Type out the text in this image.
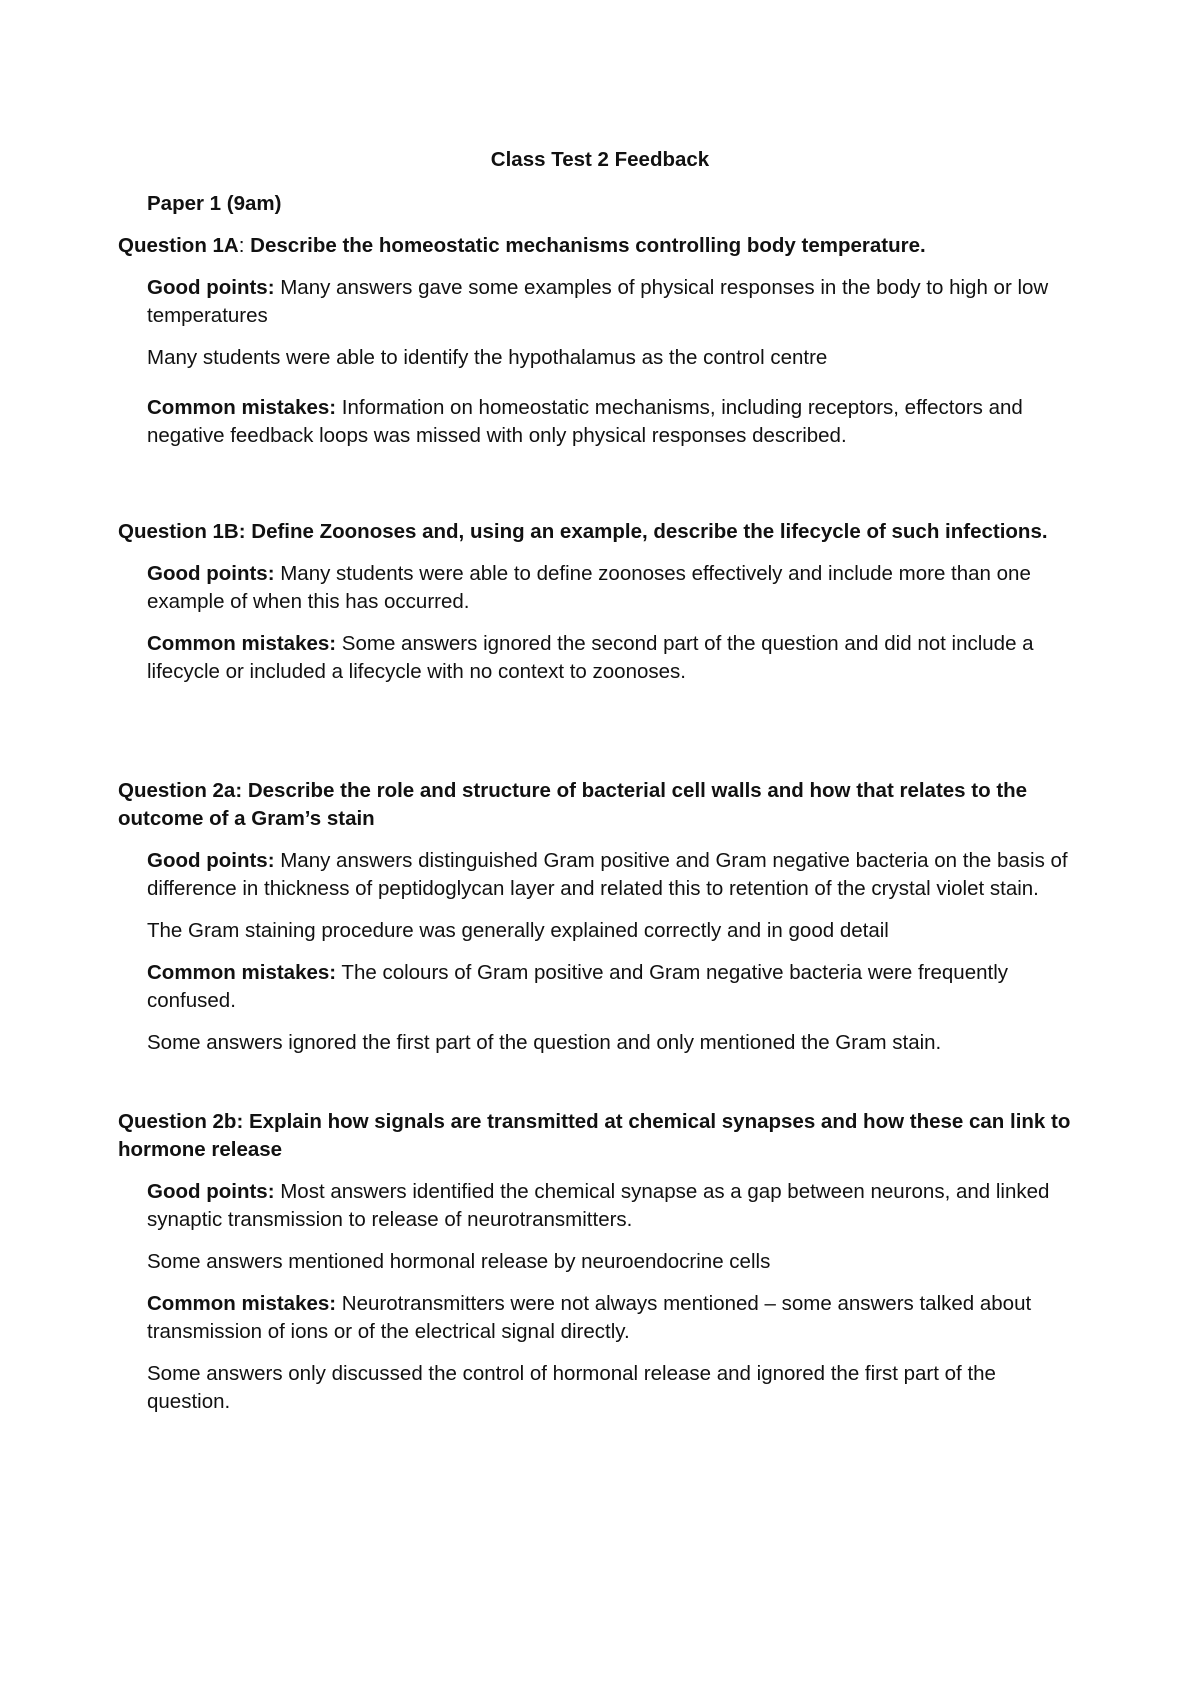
Class Test 2 Feedback
Paper 1 (9am)

Question 1A: Describe the homeostatic mechanisms controlling body temperature.

Good points: Many answers gave some examples of physical responses in the body to high or low temperatures

Many students were able to identify the hypothalamus as the control centre

Common mistakes: Information on homeostatic mechanisms, including receptors, effectors and negative feedback loops was missed with only physical responses described.

Question 1B: Define Zoonoses and, using an example, describe the lifecycle of such infections.

Good points: Many students were able to define zoonoses effectively and include more than one example of when this has occurred.

Common mistakes: Some answers ignored the second part of the question and did not include a lifecycle or included a lifecycle with no context to zoonoses.

Question 2a: Describe the role and structure of bacterial cell walls and how that relates to the outcome of a Gram’s stain

Good points: Many answers distinguished Gram positive and Gram negative bacteria on the basis of difference in thickness of peptidoglycan layer and related this to retention of the crystal violet stain.

The Gram staining procedure was generally explained correctly and in good detail

Common mistakes: The colours of Gram positive and Gram negative bacteria were frequently confused.

Some answers ignored the first part of the question and only mentioned the Gram stain.

Question 2b: Explain how signals are transmitted at chemical synapses and how these can link to hormone release

Good points: Most answers identified the chemical synapse as a gap between neurons, and linked synaptic transmission to release of neurotransmitters.

Some answers mentioned hormonal release by neuroendocrine cells

Common mistakes: Neurotransmitters were not always mentioned – some answers talked about transmission of ions or of the electrical signal directly.

Some answers only discussed the control of hormonal release and ignored the first part of the question.
